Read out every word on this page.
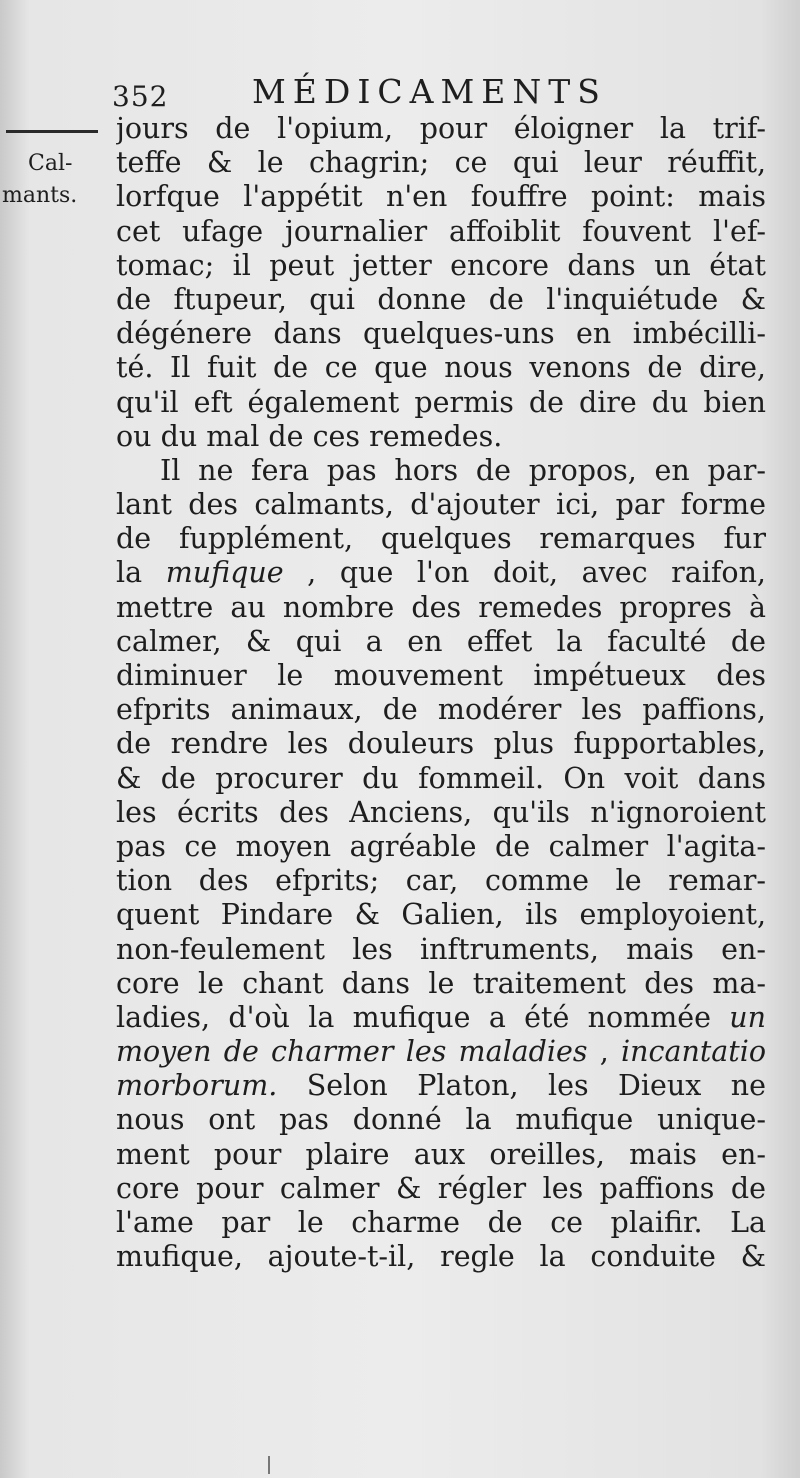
352	MÉDICAMENTS
Cal-
mants.
jours de l'opium, pour éloigner la trif-
teffe & le chagrin; ce qui leur réuffit,
lorfque l'appétit n'en fouffre point: mais
cet ufage journalier affoiblit fouvent l'ef-
tomac; il peut jetter encore dans un état
de ftupeur, qui donne de l'inquiétude &
dégénere dans quelques-uns en imbécilli-
té. Il fuit de ce que nous venons de dire,
qu'il eft également permis de dire du bien
ou du mal de ces remedes.
Il ne fera pas hors de propos, en par-
lant des calmants, d'ajouter ici, par forme
de fupplément, quelques remarques fur
la mufique , que l'on doit, avec raifon,
mettre au nombre des remedes propres à
calmer, & qui a en effet la faculté de
diminuer le mouvement impétueux des
efprits animaux, de modérer les paffions,
de rendre les douleurs plus fupportables,
& de procurer du fommeil. On voit dans
les écrits des Anciens, qu'ils n'ignoroient
pas ce moyen agréable de calmer l'agita-
tion des efprits; car, comme le remar-
quent Pindare & Galien, ils employoient,
non-feulement les inftruments, mais en-
core le chant dans le traitement des ma-
ladies, d'où la mufique a été nommée un
moyen de charmer les maladies , incantatio
morborum. Selon Platon, les Dieux ne
nous ont pas donné la mufique unique-
ment pour plaire aux oreilles, mais en-
core pour calmer & régler les paffions de
l'ame par le charme de ce plaifir. La
mufique, ajoute-t-il, regle la conduite &
